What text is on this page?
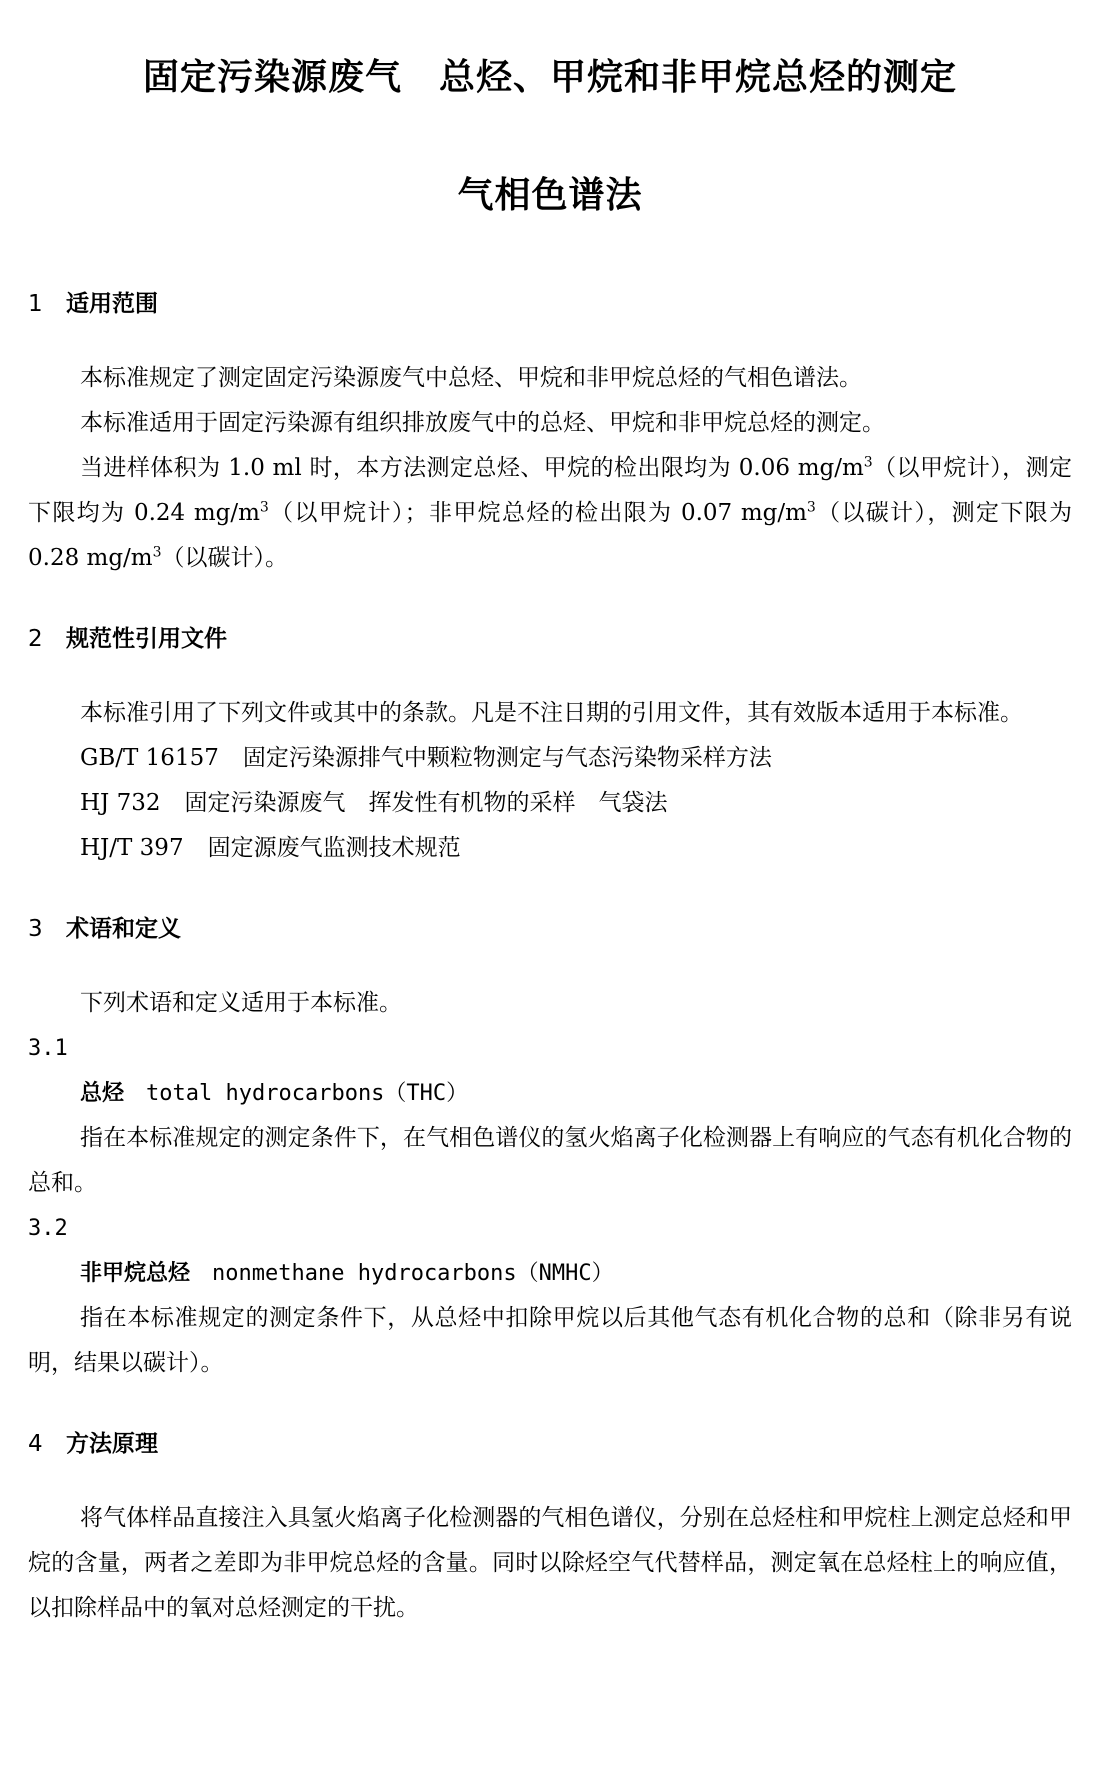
固定污染源废气　总烃、甲烷和非甲烷总烃的测定
气相色谱法
1 适用范围

本标准规定了测定固定污染源废气中总烃、甲烷和非甲烷总烃的气相色谱法。

本标准适用于固定污染源有组织排放废气中的总烃、甲烷和非甲烷总烃的测定。

当进样体积为 1.0 ml 时，本方法测定总烃、甲烷的检出限均为 0.06 $mg/m^3$（以甲烷计），测定下限均为 0.24 $mg/m^3$（以甲烷计）；非甲烷总烃的检出限为 0.07 $mg/m^3$（以碳计），测定下限为 0.28 $mg/m^3$（以碳计）。

2 规范性引用文件

本标准引用了下列文件或其中的条款。凡是不注日期的引用文件，其有效版本适用于本标准。

GB/T 16157 固定污染源排气中颗粒物测定与气态污染物采样方法

HJ 732 固定污染源废气　挥发性有机物的采样　气袋法

HJ/T 397 固定源废气监测技术规范

3 术语和定义

下列术语和定义适用于本标准。

3.1

总烃 total hydrocarbons（THC）

指在本标准规定的测定条件下，在气相色谱仪的氢火焰离子化检测器上有响应的气态有机化合物的总和。

3.2

非甲烷总烃 nonmethane hydrocarbons（NMHC）

指在本标准规定的测定条件下，从总烃中扣除甲烷以后其他气态有机化合物的总和（除非另有说明，结果以碳计）。

4 方法原理

将气体样品直接注入具氢火焰离子化检测器的气相色谱仪，分别在总烃柱和甲烷柱上测定总烃和甲烷的含量，两者之差即为非甲烷总烃的含量。同时以除烃空气代替样品，测定氧在总烃柱上的响应值，以扣除样品中的氧对总烃测定的干扰。
